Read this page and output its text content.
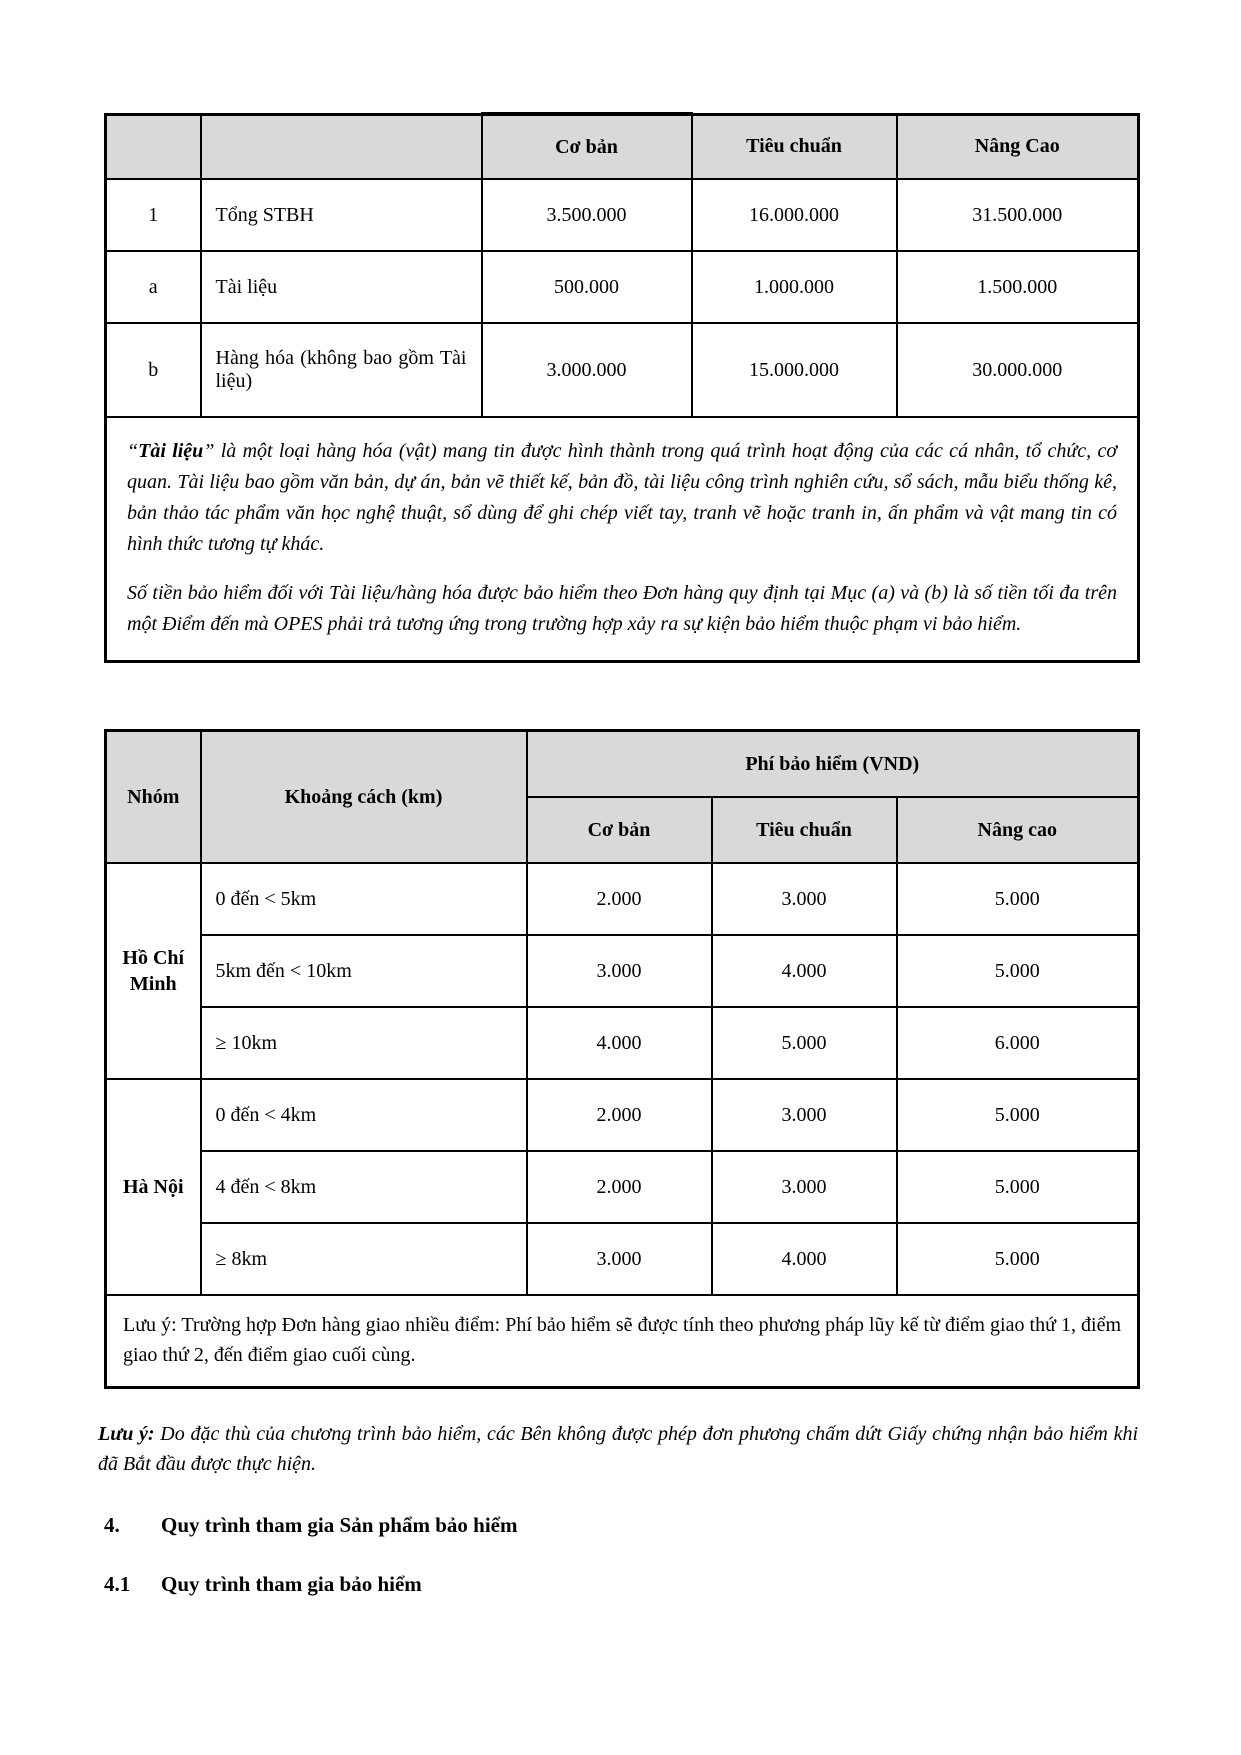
		Cơ bản	Tiêu chuẩn	Nâng Cao
1	Tổng STBH	3.500.000	16.000.000	31.500.000
a	Tài liệu	500.000	1.000.000	1.500.000
b	Hàng hóa (không bao gồm Tài liệu)	3.000.000	15.000.000	30.000.000

“Tài liệu” là một loại hàng hóa (vật) mang tin được hình thành trong quá trình hoạt động của các cá nhân, tổ chức, cơ quan. Tài liệu bao gồm văn bản, dự án, bản vẽ thiết kế, bản đồ, tài liệu công trình nghiên cứu, sổ sách, mẫu biểu thống kê, bản thảo tác phẩm văn học nghệ thuật, sổ dùng để ghi chép viết tay, tranh vẽ hoặc tranh in, ấn phẩm và vật mang tin có hình thức tương tự khác.

Số tiền bảo hiểm đối với Tài liệu/hàng hóa được bảo hiểm theo Đơn hàng quy định tại Mục (a) và (b) là số tiền tối đa trên một Điểm đến mà OPES phải trả tương ứng trong trường hợp xảy ra sự kiện bảo hiểm thuộc phạm vi bảo hiểm.				

Nhóm	Khoảng cách (km)	Phí bảo hiểm (VND)		
		Cơ bản	Tiêu chuẩn	Nâng cao
Hồ Chí Minh	0 đến < 5km	2.000	3.000	5.000
	5km đến < 10km	3.000	4.000	5.000
	≥ 10km	4.000	5.000	6.000
Hà Nội	0 đến < 4km	2.000	3.000	5.000
	4 đến < 8km	2.000	3.000	5.000
	≥ 8km	3.000	4.000	5.000
Lưu ý: Trường hợp Đơn hàng giao nhiều điểm: Phí bảo hiểm sẽ được tính theo phương pháp lũy kế từ điểm giao thứ 1, điểm giao thứ 2, đến điểm giao cuối cùng.				

Lưu ý: Do đặc thù của chương trình bảo hiểm, các Bên không được phép đơn phương chấm dứt Giấy chứng nhận bảo hiểm khi đã Bắt đầu được thực hiện.

4.	Quy trình tham gia Sản phẩm bảo hiểm
4.1	Quy trình tham gia bảo hiểm
